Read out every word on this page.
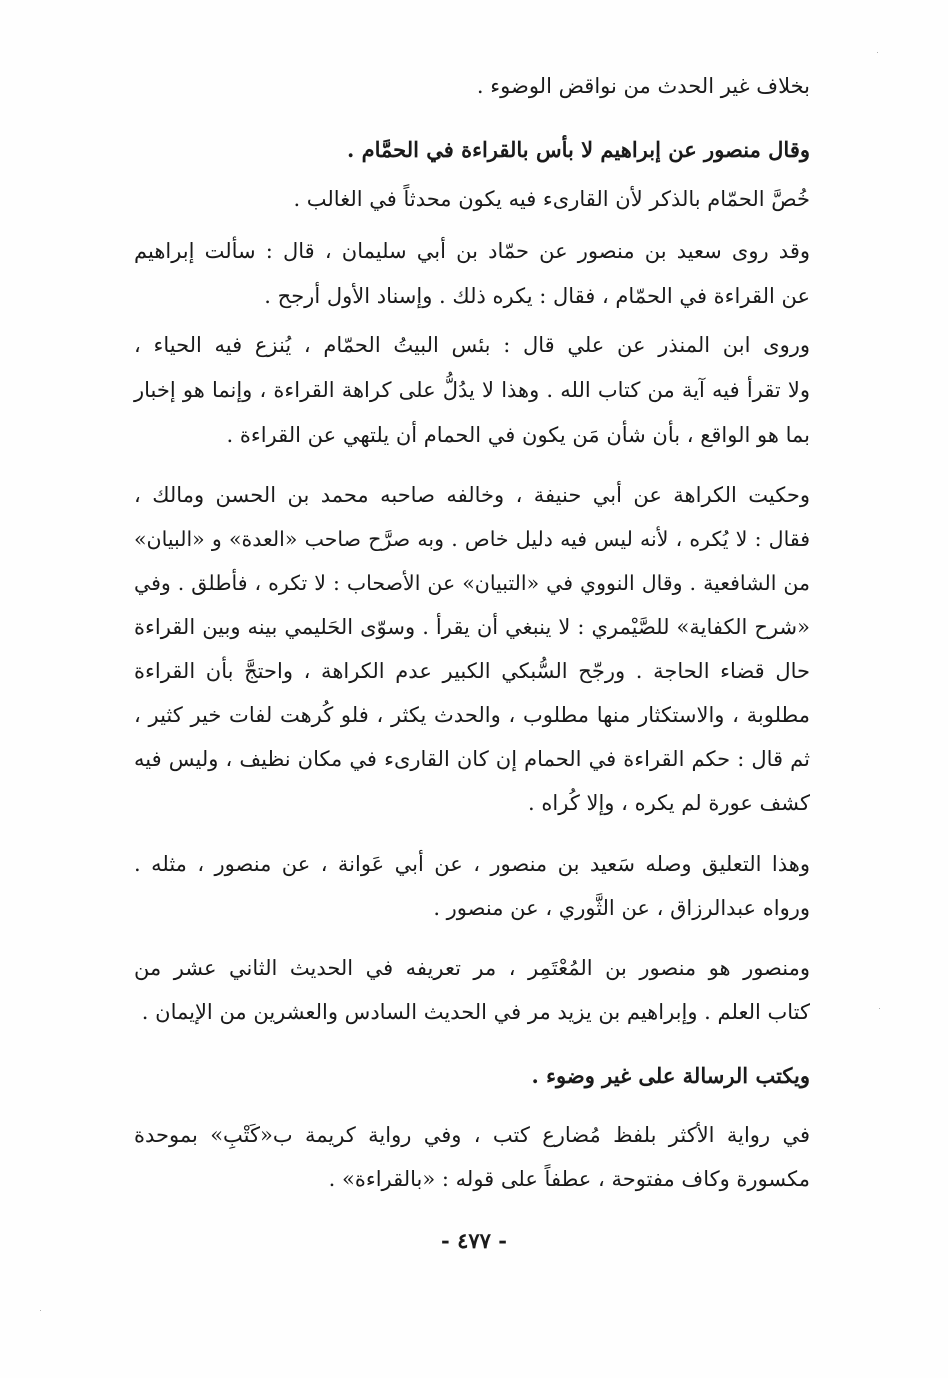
بخلاف غير الحدث من نواقض الوضوء .
وقال منصور عن إبراهيم لا بأس بالقراءة في الحمَّام .
خُصَّ الحمّام بالذكر لأن القارىء فيه يكون محدثاً في الغالب .
وقد روى سعيد بن منصور عن حمّاد بن أبي سليمان ، قال : سألت إبراهيم
عن القراءة في الحمّام ، فقال : يكره ذلك . وإسناد الأول أرجح .
وروى ابن المنذر عن علي قال : بئس البيتُ الحمّام ، يُنزع فيه الحياء ،
ولا تقرأ فيه آية من كتاب الله . وهذا لا يدُلُّ على كراهة القراءة ، وإنما هو إخبار
بما هو الواقع ، بأن شأن مَن يكون في الحمام أن يلتهي عن القراءة .
وحكيت الكراهة عن أبي حنيفة ، وخالفه صاحبه محمد بن الحسن ومالك ،
فقال : لا يُكره ، لأنه ليس فيه دليل خاص . وبه صرَّح صاحب «العدة» و «البيان»
من الشافعية . وقال النووي في «التبيان» عن الأصحاب : لا تكره ، فأطلق . وفي
«شرح الكفاية» للصَّيْمري : لا ينبغي أن يقرأ . وسوّى الحَليمي بينه وبين القراءة
حال قضاء الحاجة . ورجّح السُّبكي الكبير عدم الكراهة ، واحتجَّ بأن القراءة
مطلوبة ، والاستكثار منها مطلوب ، والحدث يكثر ، فلو كُرهت لفات خير كثير ،
ثم قال : حكم القراءة في الحمام إن كان القارىء في مكان نظيف ، وليس فيه
كشف عورة لم يكره ، وإلا كُراه .
وهذا التعليق وصله سَعيد بن منصور ، عن أبي عَوانة ، عن منصور ، مثله .
ورواه عبدالرزاق ، عن الثَّوري ، عن منصور .
ومنصور هو منصور بن المُعْتَمِر ، مر تعريفه في الحديث الثاني عشر من
كتاب العلم . وإبراهيم بن يزيد مر في الحديث السادس والعشرين من الإيمان .
ويكتب الرسالة على غير وضوء .
في رواية الأكثر بلفظ مُضارع كتب ، وفي رواية كريمة ب«كَتْبِ» بموحدة
مكسورة وكاف مفتوحة ، عطفاً على قوله : «بالقراءة» .
- ٤٧٧ -
